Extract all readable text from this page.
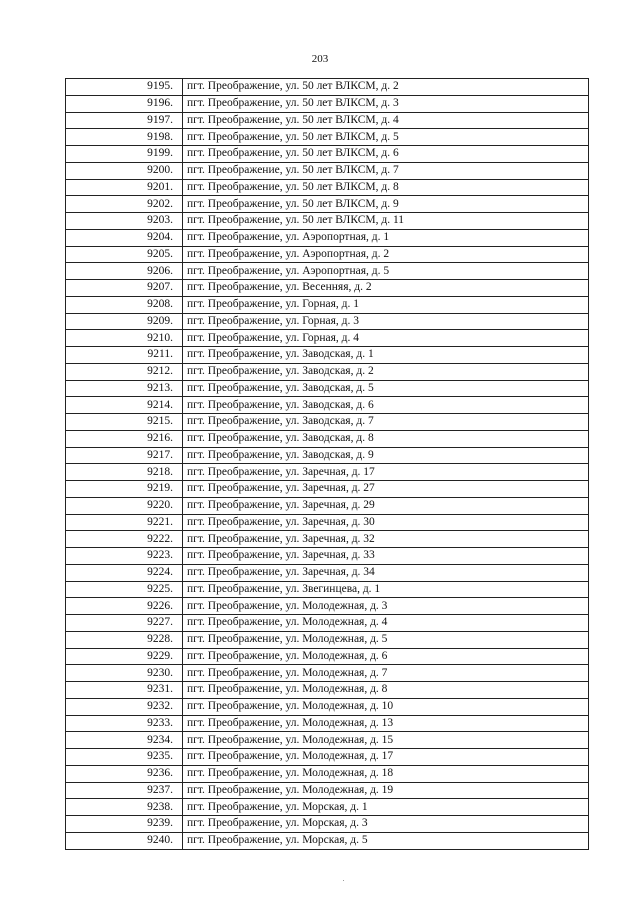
203
9195.	пгт. Преображение, ул. 50 лет ВЛКСМ, д. 2
9196.	пгт. Преображение, ул. 50 лет ВЛКСМ, д. 3
9197.	пгт. Преображение, ул. 50 лет ВЛКСМ, д. 4
9198.	пгт. Преображение, ул. 50 лет ВЛКСМ, д. 5
9199.	пгт. Преображение, ул. 50 лет ВЛКСМ, д. 6
9200.	пгт. Преображение, ул. 50 лет ВЛКСМ, д. 7
9201.	пгт. Преображение, ул. 50 лет ВЛКСМ, д. 8
9202.	пгт. Преображение, ул. 50 лет ВЛКСМ, д. 9
9203.	пгт. Преображение, ул. 50 лет ВЛКСМ, д. 11
9204.	пгт. Преображение, ул. Аэропортная, д. 1
9205.	пгт. Преображение, ул. Аэропортная, д. 2
9206.	пгт. Преображение, ул. Аэропортная, д. 5
9207.	пгт. Преображение, ул. Весенняя, д. 2
9208.	пгт. Преображение, ул. Горная, д. 1
9209.	пгт. Преображение, ул. Горная, д. 3
9210.	пгт. Преображение, ул. Горная, д. 4
9211.	пгт. Преображение, ул. Заводская, д. 1
9212.	пгт. Преображение, ул. Заводская, д. 2
9213.	пгт. Преображение, ул. Заводская, д. 5
9214.	пгт. Преображение, ул. Заводская, д. 6
9215.	пгт. Преображение, ул. Заводская, д. 7
9216.	пгт. Преображение, ул. Заводская, д. 8
9217.	пгт. Преображение, ул. Заводская, д. 9
9218.	пгт. Преображение, ул. Заречная, д. 17
9219.	пгт. Преображение, ул. Заречная, д. 27
9220.	пгт. Преображение, ул. Заречная, д. 29
9221.	пгт. Преображение, ул. Заречная, д. 30
9222.	пгт. Преображение, ул. Заречная, д. 32
9223.	пгт. Преображение, ул. Заречная, д. 33
9224.	пгт. Преображение, ул. Заречная, д. 34
9225.	пгт. Преображение, ул. Звегинцева, д. 1
9226.	пгт. Преображение, ул. Молодежная, д. 3
9227.	пгт. Преображение, ул. Молодежная, д. 4
9228.	пгт. Преображение, ул. Молодежная, д. 5
9229.	пгт. Преображение, ул. Молодежная, д. 6
9230.	пгт. Преображение, ул. Молодежная, д. 7
9231.	пгт. Преображение, ул. Молодежная, д. 8
9232.	пгт. Преображение, ул. Молодежная, д. 10
9233.	пгт. Преображение, ул. Молодежная, д. 13
9234.	пгт. Преображение, ул. Молодежная, д. 15
9235.	пгт. Преображение, ул. Молодежная, д. 17
9236.	пгт. Преображение, ул. Молодежная, д. 18
9237.	пгт. Преображение, ул. Молодежная, д. 19
9238.	пгт. Преображение, ул. Морская, д. 1
9239.	пгт. Преображение, ул. Морская, д. 3
9240.	пгт. Преображение, ул. Морская, д. 5
